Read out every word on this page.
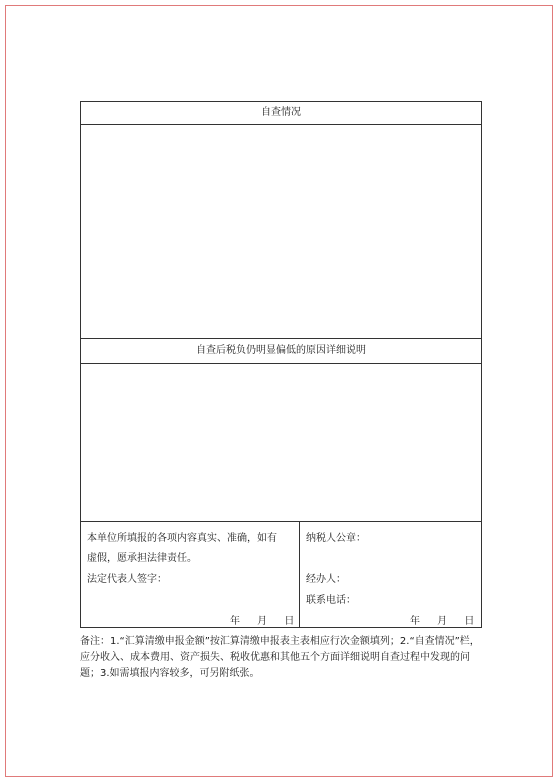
自查情况
自查后税负仍明显偏低的原因详细说明
本单位所填报的各项内容真实、准确，如有
虚假，愿承担法律责任。
法定代表人签字：
年 月 日
纳税人公章：
经办人：
联系电话：
年 月 日
备注：1.“汇算清缴申报金额”按汇算清缴申报表主表相应行次金额填列；2.“自查情况”栏，应分收入、成本费用、资产损失、税收优惠和其他五个方面详细说明自查过程中发现的问题；3.如需填报内容较多，可另附纸张。
